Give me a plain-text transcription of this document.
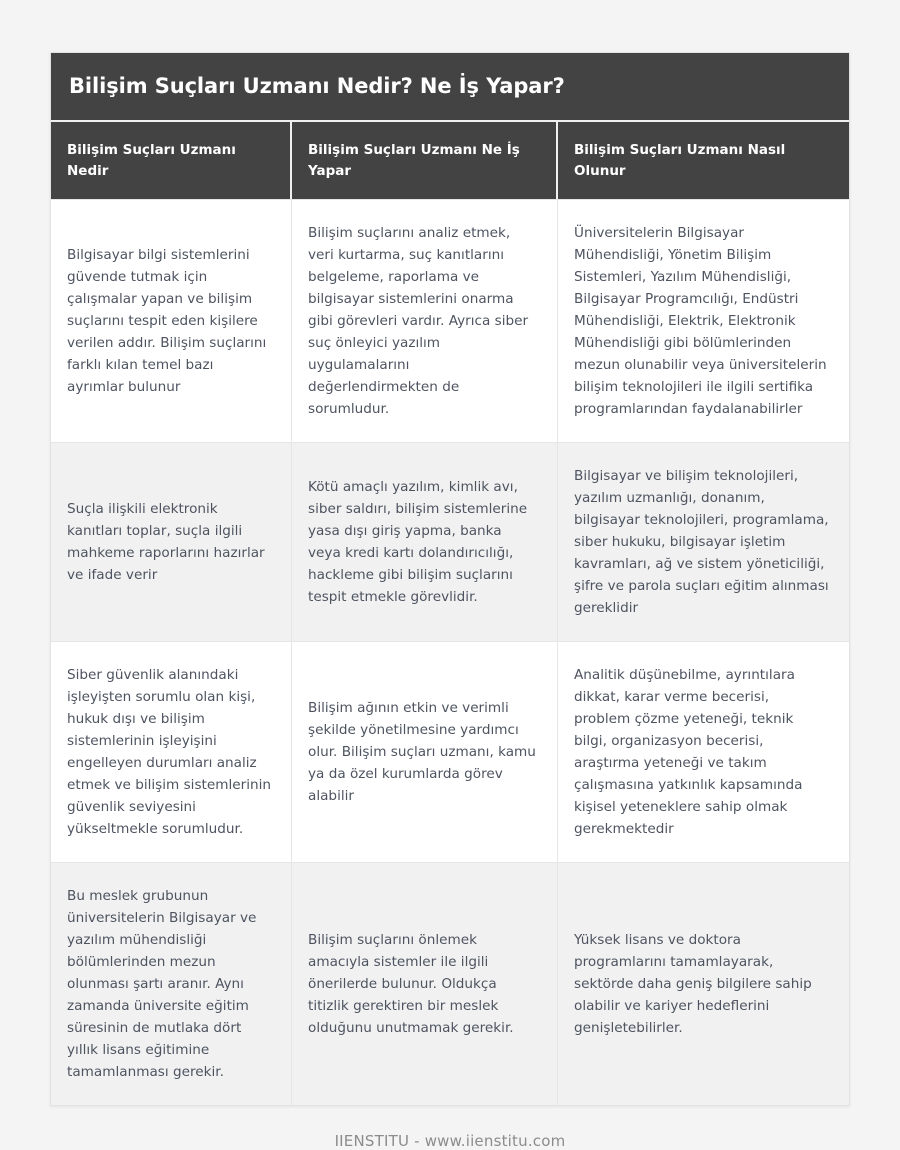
Bilişim Suçları Uzmanı Nedir? Ne İş Yapar?
Bilişim Suçları Uzmanı Nedir
Bilişim Suçları Uzmanı Ne İş Yapar
Bilişim Suçları Uzmanı Nasıl Olunur
Bilgisayar bilgi sistemlerini güvende tutmak için çalışmalar yapan ve bilişim suçlarını tespit eden kişilere verilen addır. Bilişim suçlarını farklı kılan temel bazı ayrımlar bulunur
Bilişim suçlarını analiz etmek, veri kurtarma, suç kanıtlarını belgeleme, raporlama ve bilgisayar sistemlerini onarma gibi görevleri vardır. Ayrıca siber suç önleyici yazılım uygulamalarını değerlendirmekten de sorumludur.
Üniversitelerin Bilgisayar Mühendisliği, Yönetim Bilişim Sistemleri, Yazılım Mühendisliği, Bilgisayar Programcılığı, Endüstri Mühendisliği, Elektrik, Elektronik Mühendisliği gibi bölümlerinden mezun olunabilir veya üniversitelerin bilişim teknolojileri ile ilgili sertifika programlarından faydalanabilirler
Suçla ilişkili elektronik kanıtları toplar, suçla ilgili mahkeme raporlarını hazırlar ve ifade verir
Kötü amaçlı yazılım, kimlik avı, siber saldırı, bilişim sistemlerine yasa dışı giriş yapma, banka veya kredi kartı dolandırıcılığı, hackleme gibi bilişim suçlarını tespit etmekle görevlidir.
Bilgisayar ve bilişim teknolojileri, yazılım uzmanlığı, donanım, bilgisayar teknolojileri, programlama, siber hukuku, bilgisayar işletim kavramları, ağ ve sistem yöneticiliği, şifre ve parola suçları eğitim alınması gereklidir
Siber güvenlik alanındaki işleyişten sorumlu olan kişi, hukuk dışı ve bilişim sistemlerinin işleyişini engelleyen durumları analiz etmek ve bilişim sistemlerinin güvenlik seviyesini yükseltmekle sorumludur.
Bilişim ağının etkin ve verimli şekilde yönetilmesine yardımcı olur. Bilişim suçları uzmanı, kamu ya da özel kurumlarda görev alabilir
Analitik düşünebilme, ayrıntılara dikkat, karar verme becerisi, problem çözme yeteneği, teknik bilgi, organizasyon becerisi, araştırma yeteneği ve takım çalışmasına yatkınlık kapsamında kişisel yeteneklere sahip olmak gerekmektedir
Bu meslek grubunun üniversitelerin Bilgisayar ve yazılım mühendisliği bölümlerinden mezun olunması şartı aranır. Aynı zamanda üniversite eğitim süresinin de mutlaka dört yıllık lisans eğitimine tamamlanması gerekir.
Bilişim suçlarını önlemek amacıyla sistemler ile ilgili önerilerde bulunur. Oldukça titizlik gerektiren bir meslek olduğunu unutmamak gerekir.
Yüksek lisans ve doktora programlarını tamamlayarak, sektörde daha geniş bilgilere sahip olabilir ve kariyer hedeflerini genişletebilirler.
IIENSTITU - www.iienstitu.com
